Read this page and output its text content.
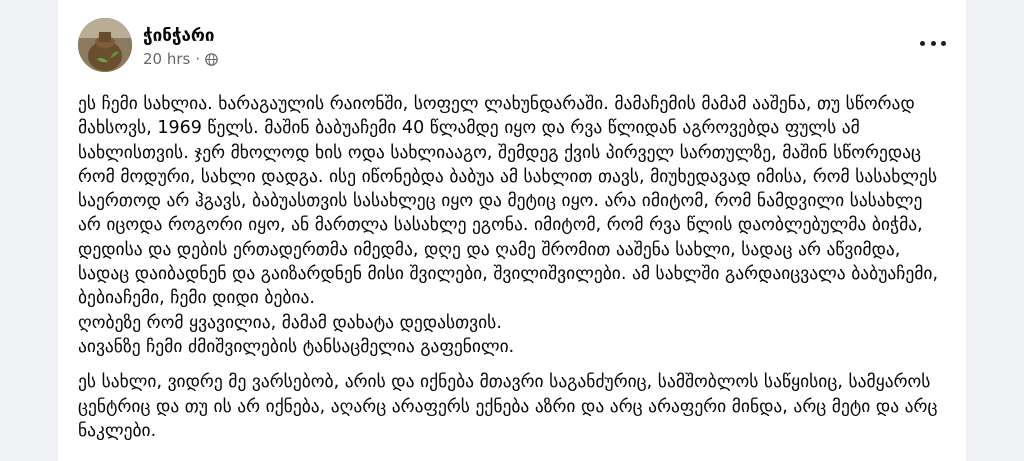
ჭინჭარი
20 hrs ·

ეს ჩემი სახლია. ხარაგაულის რაიონში, სოფელ ლახუნდარაში. მამაჩემის მამამ ააშენა, თუ სწორად მახსოვს, 1969 წელს. მაშინ ბაბუაჩემი 40 წლამდე იყო და რვა წლიდან აგროვებდა ფულს ამ სახლისთვის. ჯერ მხოლოდ ხის ოდა სახლიააგო, შემდეგ ქვის პირველ სართულზე, მაშინ სწორედაც რომ მოდური, სახლი დადგა. ისე იწონებდა ბაბუა ამ სახლით თავს, მიუხედავად იმისა, რომ სასახლეს საერთოდ არ ჰგავს, ბაბუასთვის სასახლეც იყო და მეტიც იყო. არა იმიტომ, რომ ნამდვილი სასახლე არ იცოდა როგორი იყო, ან მართლა სასახლე ეგონა. იმიტომ, რომ რვა წლის დაობლებულმა ბიჭმა, დედისა და დების ერთადერთმა იმედმა, დღე და ღამე შრომით ააშენა სახლი, სადაც არ აწვიმდა, სადაც დაიბადნენ და გაიზარდნენ მისი შვილები, შვილიშვილები. ამ სახლში გარდაიცვალა ბაბუაჩემი, ბებიაჩემი, ჩემი დიდი ბებია.

ღობეზე რომ ყვავილია, მამამ დახატა დედასთვის.

აივანზე ჩემი ძმიშვილების ტანსაცმელია გაფენილი.

ეს სახლი, ვიდრე მე ვარსებობ, არის და იქნება მთავრი საგანძურიც, სამშობლოს საწყისიც, სამყაროს ცენტრიც და თუ ის არ იქნება, აღარც არაფერს ექნება აზრი და არც არაფერი მინდა, არც მეტი და არც ნაკლები.
